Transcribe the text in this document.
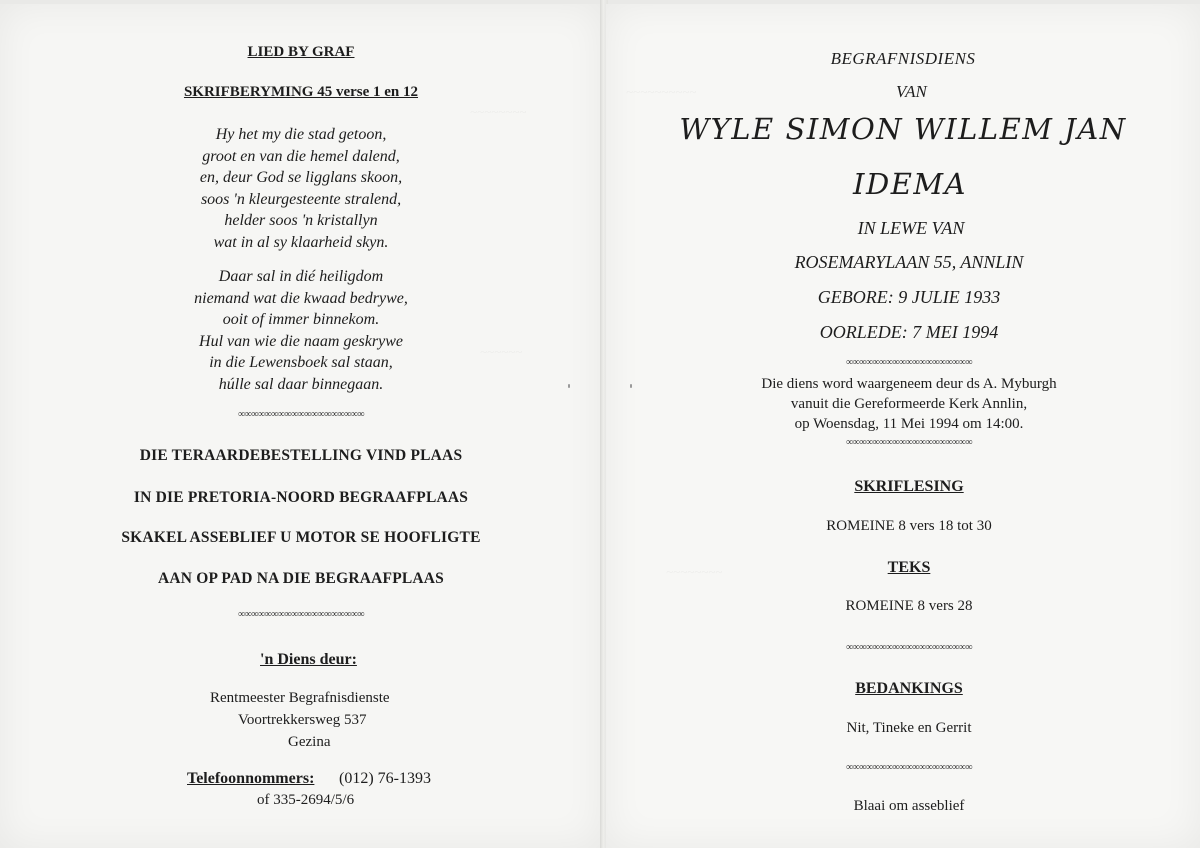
LIED BY GRAF
SKRIFBERYMING 45 verse 1 en 12
Hy het my die stad getoon,
groot en van die hemel dalend,
en, deur God se ligglans skoon,
soos 'n kleurgesteente stralend,
helder soos 'n kristallyn
wat in al sy klaarheid skyn.
Daar sal in dié heiligdom
niemand wat die kwaad bedrywe,
ooit of immer binnekom.
Hul van wie die naam geskrywe
in die Lewensboek sal staan,
húlle sal daar binnegaan.
∞∞∞∞∞∞∞∞∞∞∞∞∞∞∞∞∞∞∞
DIE TERAARDEBESTELLING VIND PLAAS
IN DIE PRETORIA-NOORD BEGRAAFPLAAS
SKAKEL ASSEBLIEF U MOTOR SE HOOFLIGTE
AAN OP PAD NA DIE BEGRAAFPLAAS
∞∞∞∞∞∞∞∞∞∞∞∞∞∞∞∞∞∞∞
'n Diens deur:
Rentmeester Begrafnisdienste
Voortrekkersweg 537
Gezina
Telefoonnommers: (012) 76-1393
of 335-2694/5/6
BEGRAFNISDIENS
VAN
WYLE SIMON WILLEM JAN
IDEMA
IN LEWE VAN
ROSEMARYLAAN 55, ANNLIN
GEBORE: 9 JULIE 1933
OORLEDE: 7 MEI 1994
∞∞∞∞∞∞∞∞∞∞∞∞∞∞∞∞∞∞∞
Die diens word waargeneem deur ds A. Myburgh
vanuit die Gereformeerde Kerk Annlin,
op Woensdag, 11 Mei 1994 om 14:00.
∞∞∞∞∞∞∞∞∞∞∞∞∞∞∞∞∞∞∞
SKRIFLESING
ROMEINE 8 vers 18 tot 30
TEKS
ROMEINE 8 vers 28
∞∞∞∞∞∞∞∞∞∞∞∞∞∞∞∞∞∞∞
BEDANKINGS
Nit, Tineke en Gerrit
∞∞∞∞∞∞∞∞∞∞∞∞∞∞∞∞∞∞∞
Blaai om asseblief
